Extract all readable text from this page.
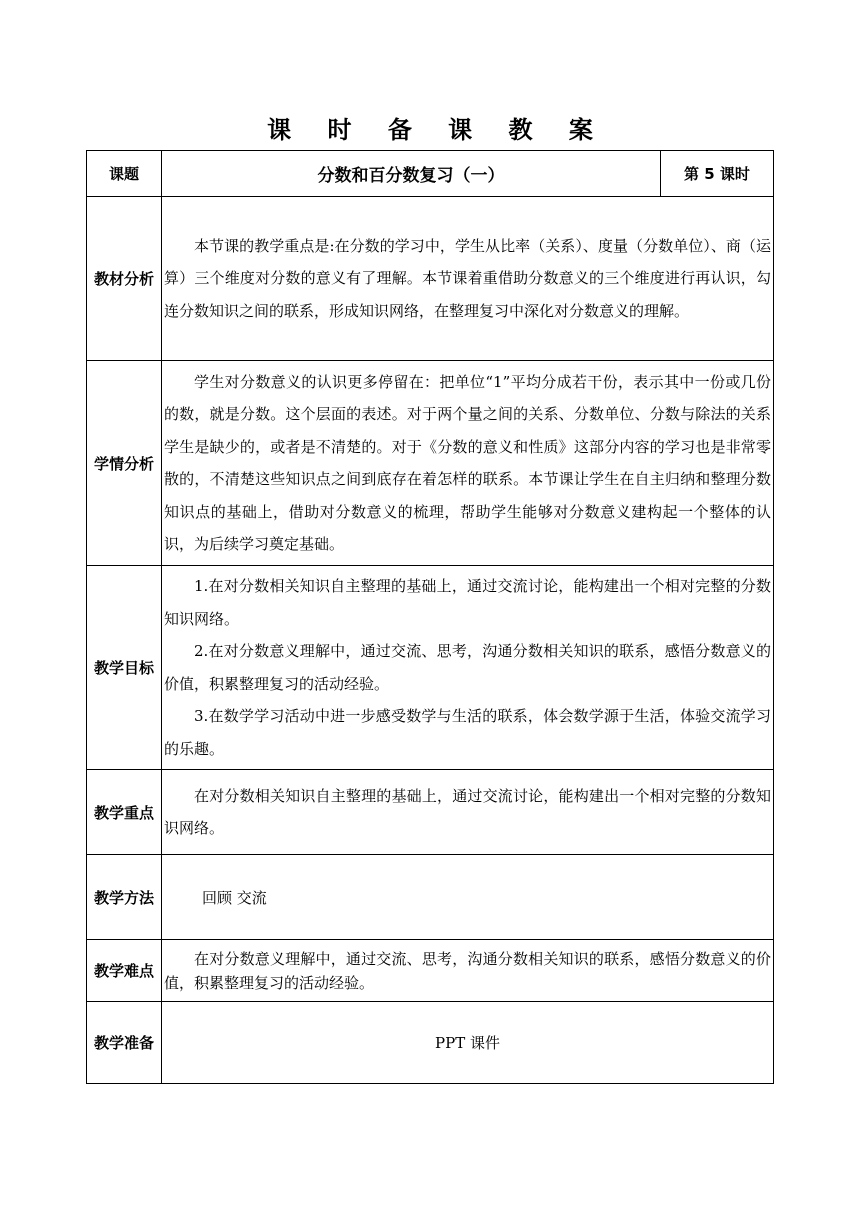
课 时 备 课 教 案
课题	分数和百分数复习（一）	第 5 课时
教材分析	本节课的教学重点是:在分数的学习中，学生从比率（关系）、度量（分数单位）、商（运算）三个维度对分数的意义有了理解。本节课着重借助分数意义的三个维度进行再认识，勾连分数知识之间的联系，形成知识网络，在整理复习中深化对分数意义的理解。	

学情分析	学生对分数意义的认识更多停留在：把单位“1”平均分成若干份，表示其中一份或几份的数，就是分数。这个层面的表述。对于两个量之间的关系、分数单位、分数与除法的关系学生是缺少的，或者是不清楚的。对于《分数的意义和性质》这部分内容的学习也是非常零散的，不清楚这些知识点之间到底存在着怎样的联系。本节课让学生在自主归纳和整理分数知识点的基础上，借助对分数意义的梳理，帮助学生能够对分数意义建构起一个整体的认识，为后续学习奠定基础。	

教学目标	1.在对分数相关知识自主整理的基础上，通过交流讨论，能构建出一个相对完整的分数知识网络。

2.在对分数意义理解中，通过交流、思考，沟通分数相关知识的联系，感悟分数意义的价值，积累整理复习的活动经验。

3.在数学学习活动中进一步感受数学与生活的联系，体会数学源于生活，体验交流学习的乐趣。	

教学重点	在对分数相关知识自主整理的基础上，通过交流讨论，能构建出一个相对完整的分数知识网络。	

教学方法	回顾 交流	

教学难点	在对分数意义理解中，通过交流、思考，沟通分数相关知识的联系，感悟分数意义的价值，积累整理复习的活动经验。	

教学准备	PPT 课件	
